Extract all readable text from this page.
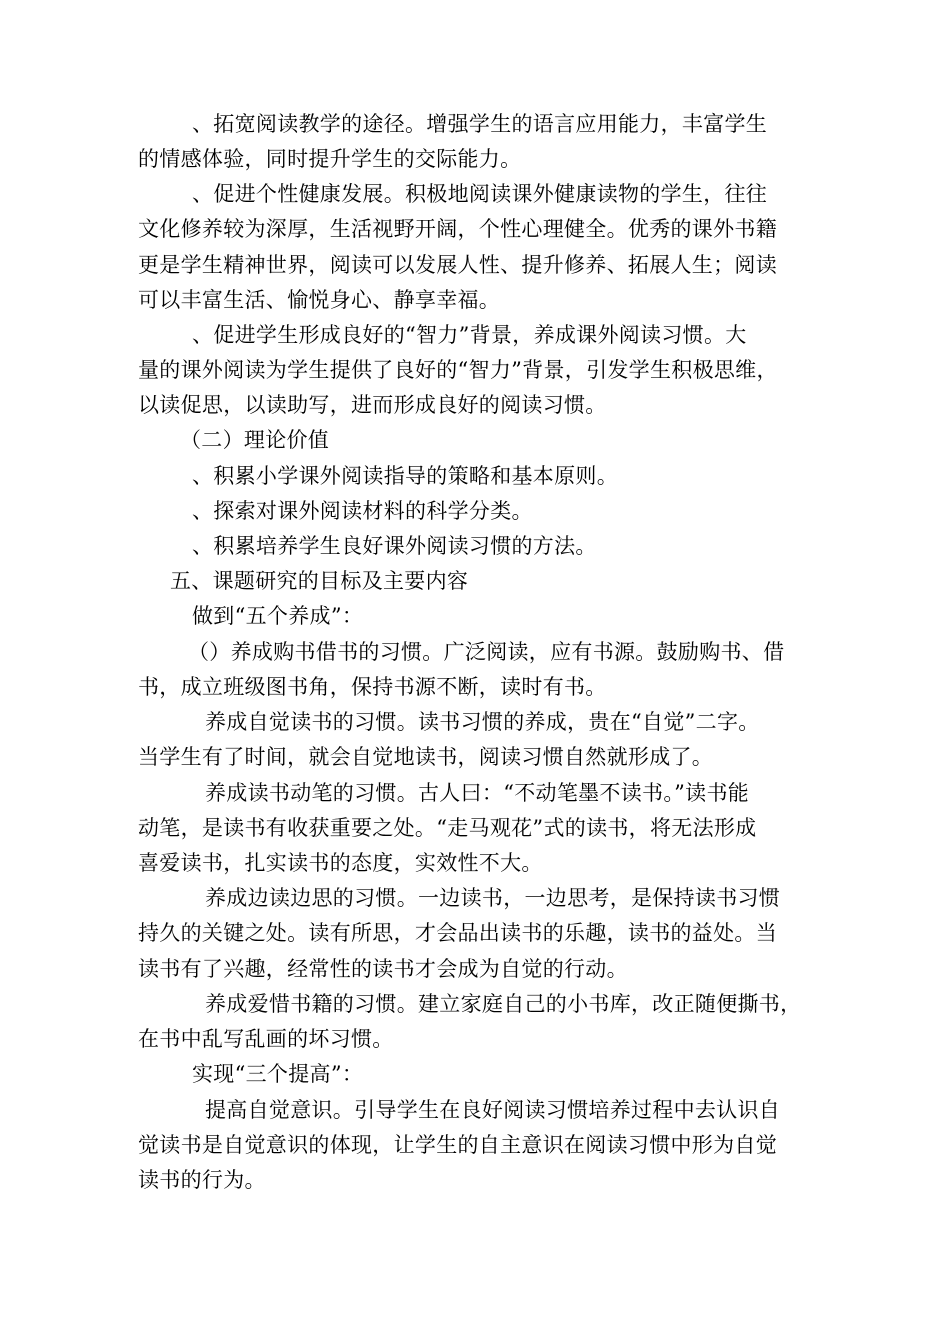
、拓宽阅读教学的途径。增强学生的语言应用能力，丰富学生
的情感体验，同时提升学生的交际能力。
、促进个性健康发展。积极地阅读课外健康读物的学生，往往
文化修养较为深厚，生活视野开阔，个性心理健全。优秀的课外书籍
更是学生精神世界，阅读可以发展人性、提升修养、拓展人生；阅读
可以丰富生活、愉悦身心、静享幸福。
、促进学生形成良好的“智力”背景，养成课外阅读习惯。大
量的课外阅读为学生提供了良好的“智力”背景，引发学生积极思维，
以读促思，以读助写，进而形成良好的阅读习惯。
（二）理论价值
、积累小学课外阅读指导的策略和基本原则。
、探索对课外阅读材料的科学分类。
、积累培养学生良好课外阅读习惯的方法。
五、课题研究的目标及主要内容
做到“五个养成”：
（）养成购书借书的习惯。广泛阅读，应有书源。鼓励购书、借
书，成立班级图书角，保持书源不断，读时有书。
养成自觉读书的习惯。读书习惯的养成，贵在“自觉”二字。
当学生有了时间，就会自觉地读书，阅读习惯自然就形成了。
养成读书动笔的习惯。古人曰：“不动笔墨不读书。”读书能
动笔，是读书有收获重要之处。“走马观花”式的读书，将无法形成
喜爱读书，扎实读书的态度，实效性不大。
养成边读边思的习惯。一边读书，一边思考，是保持读书习惯
持久的关键之处。读有所思，才会品出读书的乐趣，读书的益处。当
读书有了兴趣，经常性的读书才会成为自觉的行动。
养成爱惜书籍的习惯。建立家庭自己的小书库，改正随便撕书，
在书中乱写乱画的坏习惯。
实现“三个提高”：
提高自觉意识。引导学生在良好阅读习惯培养过程中去认识自
觉读书是自觉意识的体现，让学生的自主意识在阅读习惯中形为自觉
读书的行为。
